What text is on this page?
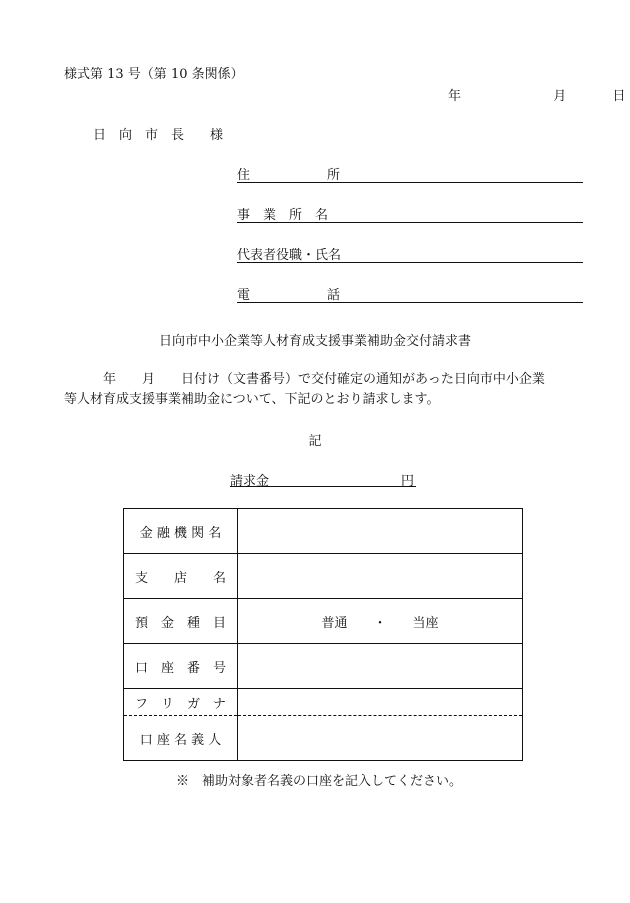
様式第 13 号（第 10 条関係）
年	月	日
日　向　市　長　　様
住	所
事　業　所　名
代表者役職・氏名
電	話
日向市中小企業等人材育成支援事業補助金交付請求書
　　　年　　月　　日付け（文書番号）で交付確定の通知があった日向市中小企業
等人材育成支援事業補助金について、下記のとおり請求します。
記
請求金	円
金 融 機 関 名	
支　　店　　名	
預　金　種　目	普通　　・　　当座
口　座　番　号	
フ　リ　ガ　ナ	
口 座 名 義 人	
※　補助対象者名義の口座を記入してください。
